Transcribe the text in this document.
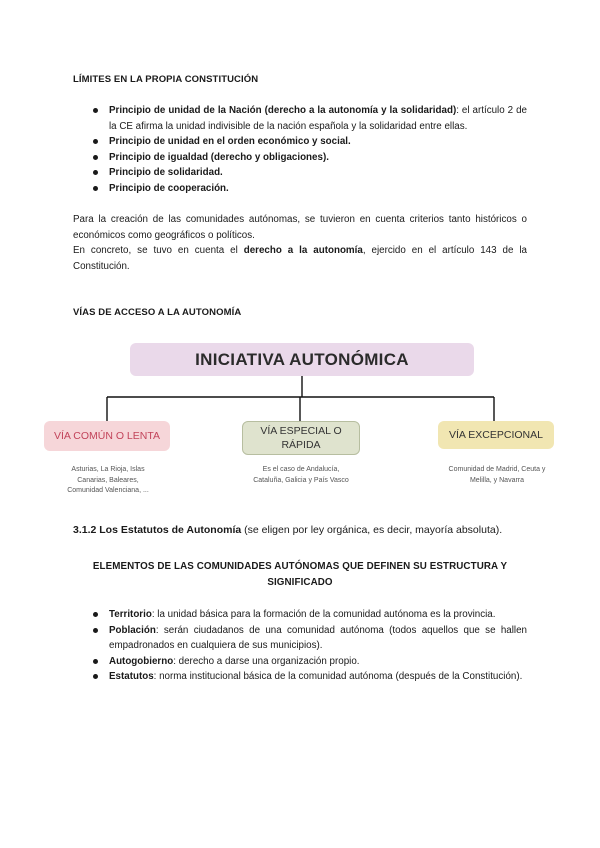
LÍMITES EN LA PROPIA CONSTITUCIÓN
Principio de unidad de la Nación (derecho a la autonomía y la solidaridad): el artículo 2 de la CE afirma la unidad indivisible de la nación española y la solidaridad entre ellas.
Principio de unidad en el orden económico y social.
Principio de igualdad (derecho y obligaciones).
Principio de solidaridad.
Principio de cooperación.

Para la creación de las comunidades autónomas, se tuvieron en cuenta criterios tanto históricos o económicos como geográficos o políticos.

En concreto, se tuvo en cuenta el derecho a la autonomía, ejercido en el artículo 143 de la Constitución.

VÍAS DE ACCESO A LA AUTONOMÍA
INICIATIVA AUTONÓMICA
VÍA COMÚN O LENTA	VÍA ESPECIAL O RÁPIDA
VÍA EXCEPCIONAL
Asturias, La Rioja, Islas Canarias, Baleares, Comunidad Valenciana, ...
Es el caso de Andalucía, Cataluña, Galicia y País Vasco
Comunidad de Madrid, Ceuta y Melilla, y Navarra
3.1.2 Los Estatutos de Autonomía (se eligen por ley orgánica, es decir, mayoría absoluta).
ELEMENTOS DE LAS COMUNIDADES AUTÓNOMAS QUE DEFINEN SU ESTRUCTURA Y
SIGNIFICADO
Territorio: la unidad básica para la formación de la comunidad autónoma es la provincia.
Población: serán ciudadanos de una comunidad autónoma (todos aquellos que se hallen empadronados en cualquiera de sus municipios).
Autogobierno: derecho a darse una organización propio.
Estatutos: norma institucional básica de la comunidad autónoma (después de la Constitución).
